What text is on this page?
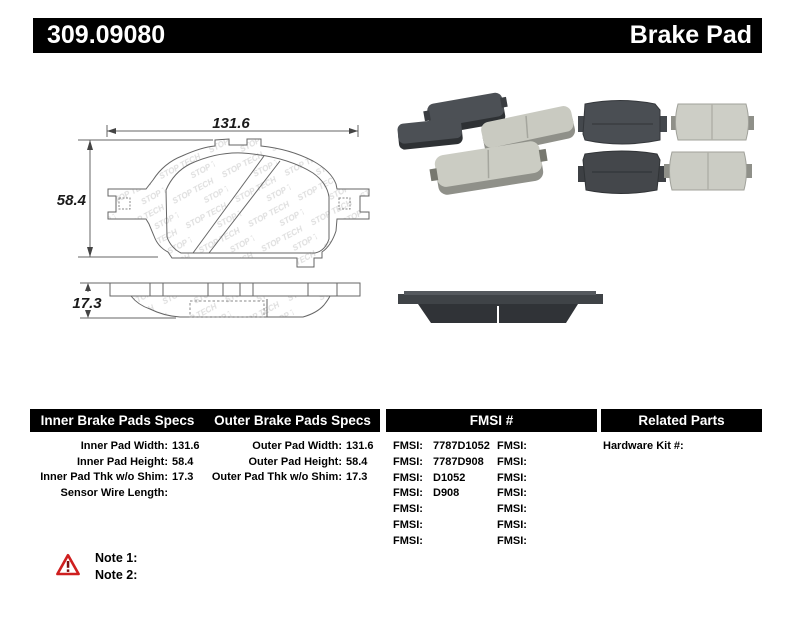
309.09080	Brake Pad
131.6
58.4
17.3
Inner Brake Pads Specs	Outer Brake Pads Specs	FMSI #	Related Parts
Inner Pad Width: 131.6
Inner Pad Height: 58.4
Inner Pad Thk w/o Shim: 17.3
Sensor Wire Length:
Outer Pad Width: 131.6
Outer Pad Height: 58.4
Outer Pad Thk w/o Shim: 17.3
FMSI: 7787D1052
FMSI: 7787D908
FMSI: D1052
FMSI: D908
FMSI:
FMSI:
FMSI:
FMSI:
FMSI:
FMSI:
FMSI:
FMSI:
FMSI:
FMSI:
Hardware Kit #:
Note 1:
Note 2:
